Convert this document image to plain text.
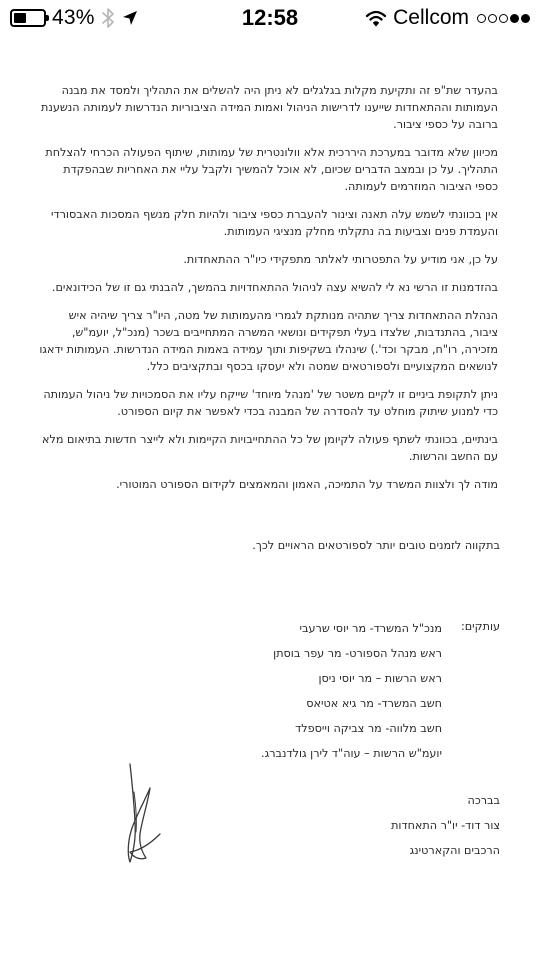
43%	12:58	Cellcom

בהעדר שת"פ זה ותקיעת מקלות בגלגלים לא ניתן היה להשלים את התהליך ולמסד את מבנה העמותות וההתאחדות שייענו לדרישות הניהול ואמות המידה הציבוריות הנדרשות לעמותה הנשענת ברובה על כספי ציבור.

מכיוון שלא מדובר במערכת היררכית אלא וולונטרית של עמותות, שיתוף הפעולה הכרחי להצלחת התהליך. על כן ובמצב הדברים שכיום, לא אוכל להמשיך ולקבל עליי את האחריות שבהפקדת כספי הציבור המוזרמים לעמותה.

אין בכוונתי לשמש עלה תאנה וצינור להעברת כספי ציבור ולהיות חלק מנשף המסכות האבסורדי והעמדת פנים וצביעות בה נתקלתי מחלק מנציגי העמותות.

על כן, אני מודיע על התפטרותי לאלתר מתפקידי כיו"ר ההתאחדות.

בהזדמנות זו הרשי נא לי להשיא עצה לניהול ההתאחדויות בהמשך, להבנתי גם זו של הכידונאים.

הנהלת ההתאחדות צריך שתהיה מנותקת לגמרי מהעמותות של מטה, היו"ר צריך שיהיה איש ציבור, בהתנדבות, שלצדו בעלי תפקידים ונושאי המשרה המתחייבים בשכר (מנכ"ל, יועמ"ש, מזכירה, רו"ח, מבקר וכד'.) שינהלו בשקיפות ותוך עמידה באמות המידה הנדרשות. העמותות ידאגו לנושאים המקצועיים ולספורטאים שמטה ולא יעסקו בכסף ובתקציבים כלל.

ניתן לתקופת ביניים זו לקיים משטר של 'מנהל מיוחד' שייקח עליו את הסמכויות של ניהול העמותה כדי למנוע שיתוק מוחלט עד להסדרה של המבנה בכדי לאפשר את קיום הספורט.

בינתיים, בכוונתי לשתף פעולה לקיומן של כל ההתחייבויות הקיימות ולא לייצר חדשות בתיאום מלא עם החשב והרשות.

מודה לך ולצוות המשרד על התמיכה, האמון והמאמצים לקידום הספורט המוטורי.

בתקווה לזמנים טובים יותר לספורטאים הראויים לכך.
עותקים:
מנכ"ל המשרד- מר יוסי שרעבי
ראש מנהל הספורט- מר עפר בוסתן
ראש הרשות – מר יוסי ניסן
חשב המשרד- מר גיא אטיאס
חשב מלווה- מר צביקה וייספלד
יועמ"ש הרשות – עוה"ד לירן גולדנברג.
בברכה
צור דוד- יו"ר התאחדות
הרכבים והקארטינג
